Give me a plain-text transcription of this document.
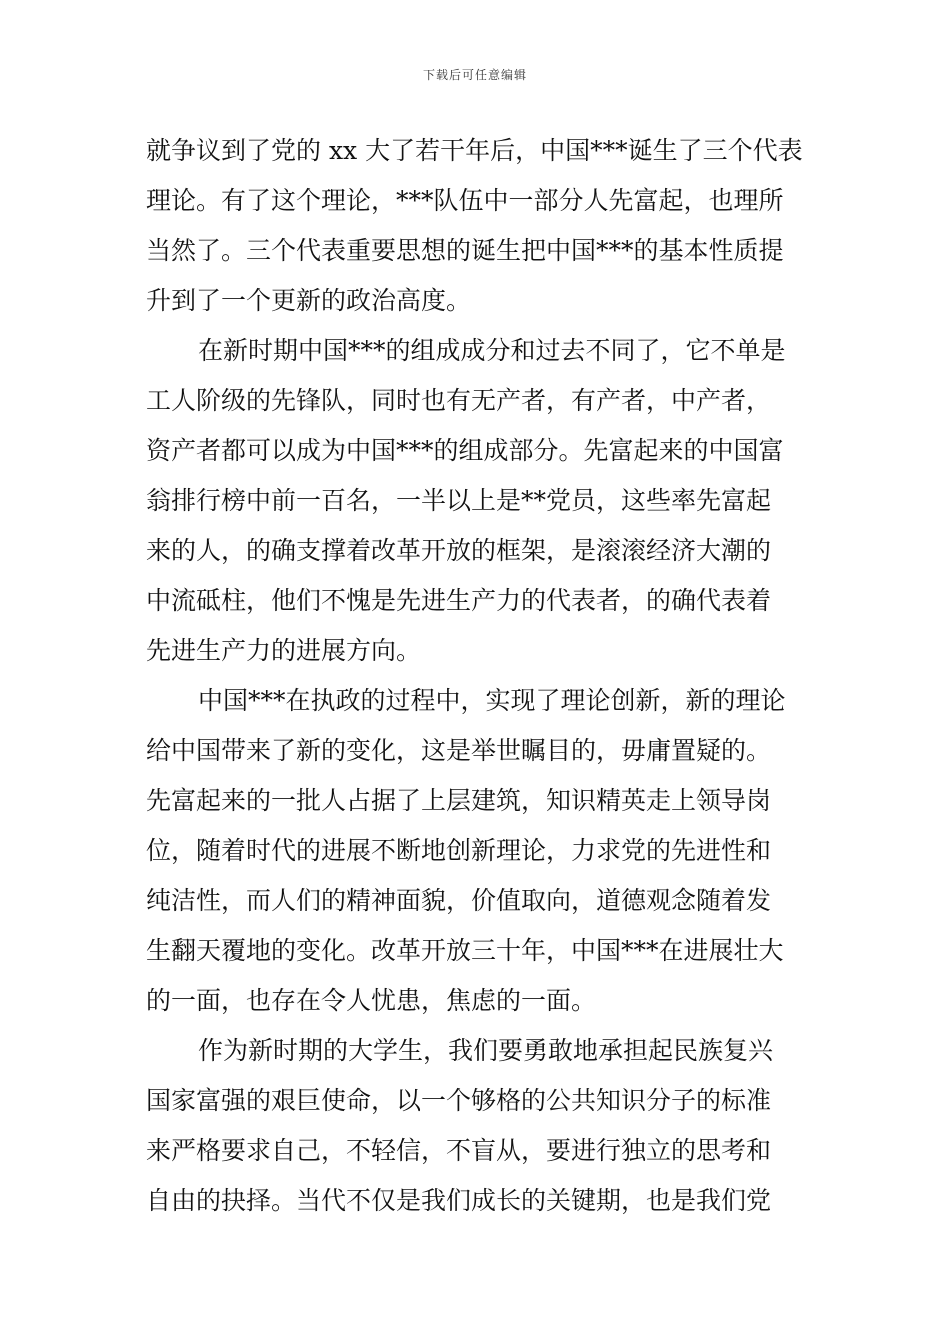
下载后可任意编辑
就争议到了党的 xx 大了若干年后，中国***诞生了三个代表
理论。有了这个理论，***队伍中一部分人先富起，也理所
当然了。三个代表重要思想的诞生把中国***的基本性质提
升到了一个更新的政治高度。
在新时期中国***的组成成分和过去不同了，它不单是
工人阶级的先锋队，同时也有无产者，有产者，中产者，
资产者都可以成为中国***的组成部分。先富起来的中国富
翁排行榜中前一百名，一半以上是**党员，这些率先富起
来的人，的确支撑着改革开放的框架，是滚滚经济大潮的
中流砥柱，他们不愧是先进生产力的代表者，的确代表着
先进生产力的进展方向。
中国***在执政的过程中，实现了理论创新，新的理论
给中国带来了新的变化，这是举世瞩目的，毋庸置疑的。
先富起来的一批人占据了上层建筑，知识精英走上领导岗
位，随着时代的进展不断地创新理论，力求党的先进性和
纯洁性，而人们的精神面貌，价值取向，道德观念随着发
生翻天覆地的变化。改革开放三十年，中国***在进展壮大
的一面，也存在令人忧患，焦虑的一面。
作为新时期的大学生，我们要勇敢地承担起民族复兴
国家富强的艰巨使命，以一个够格的公共知识分子的标准
来严格要求自己，不轻信，不盲从，要进行独立的思考和
自由的抉择。当代不仅是我们成长的关键期，也是我们党
